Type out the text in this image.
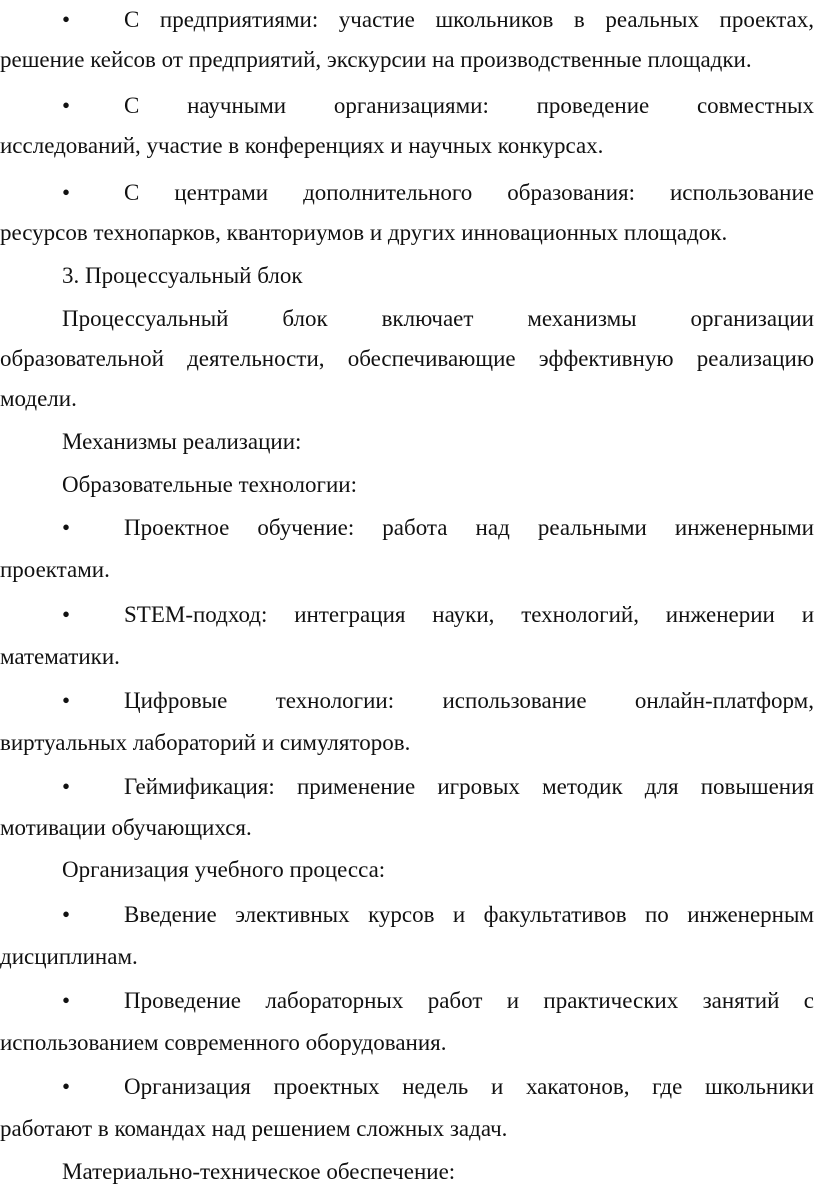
•	С предприятиями: участие школьников в реальных проектах,
решение кейсов от предприятий, экскурсии на производственные площадки.
•	С научными организациями: проведение совместных
исследований, участие в конференциях и научных конкурсах.
•	С центрами дополнительного образования: использование
ресурсов технопарков, кванториумов и других инновационных площадок.
3. Процессуальный блок
Процессуальный блок включает механизмы организации
образовательной деятельности, обеспечивающие эффективную реализацию
модели.
Механизмы реализации:
Образовательные технологии:
•	Проектное обучение: работа над реальными инженерными
проектами.
•	STEM-подход: интеграция науки, технологий, инженерии и
математики.
•	Цифровые технологии: использование онлайн-платформ,
виртуальных лабораторий и симуляторов.
•	Геймификация: применение игровых методик для повышения
мотивации обучающихся.
Организация учебного процесса:
•	Введение элективных курсов и факультативов по инженерным
дисциплинам.
•	Проведение лабораторных работ и практических занятий с
использованием современного оборудования.
•	Организация проектных недель и хакатонов, где школьники
работают в командах над решением сложных задач.
Материально-техническое обеспечение:
